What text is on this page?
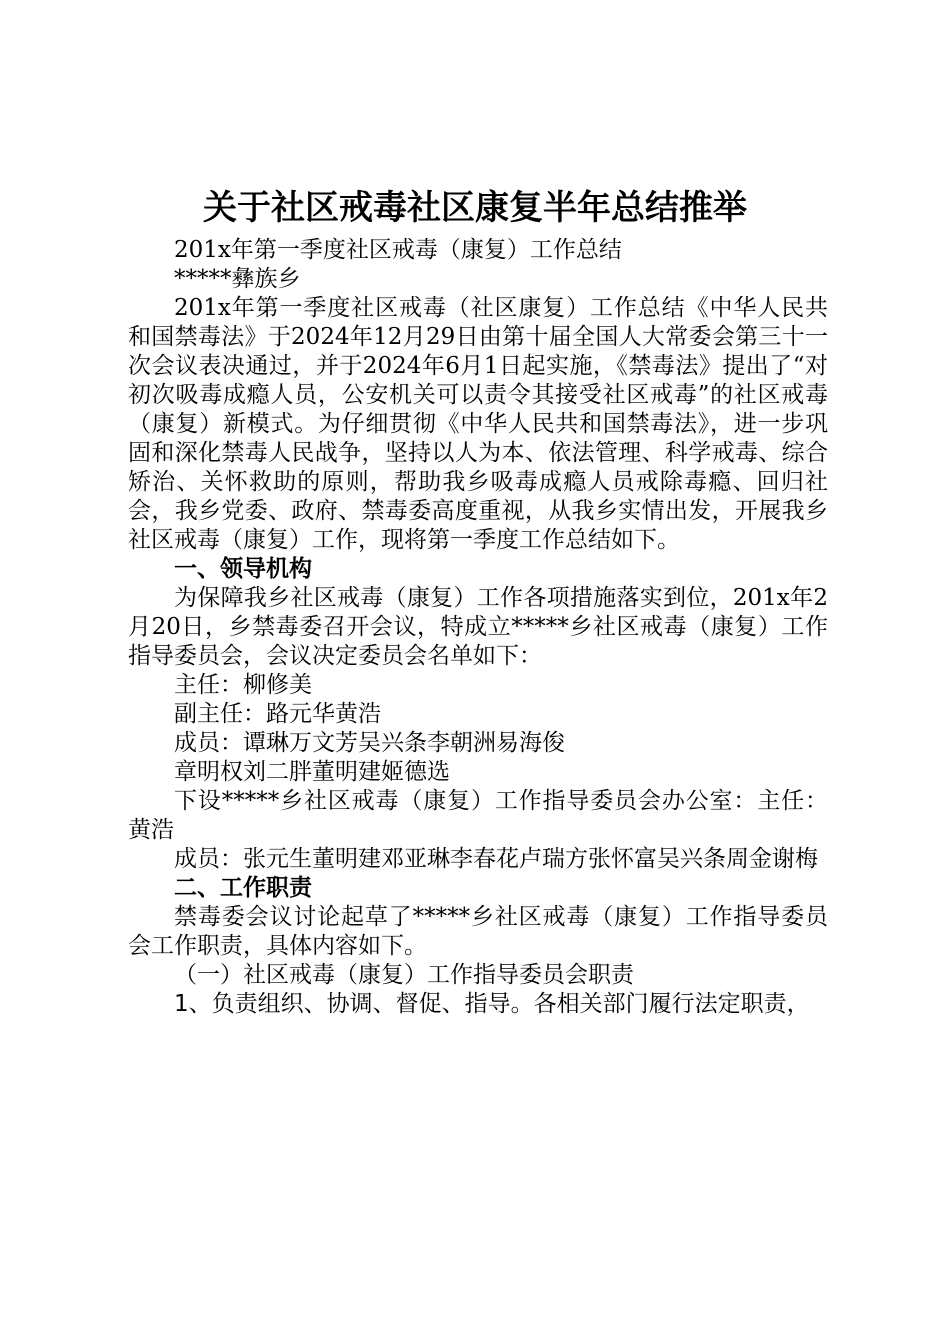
关于社区戒毒社区康复半年总结推举

201x年第一季度社区戒毒（康复）工作总结

*****彝族乡

201x年第一季度社区戒毒（社区康复）工作总结《中华人民共和国禁毒法》于2024年12月29日由第十届全国人大常委会第三十一次会议表决通过，并于2024年6月1日起实施，《禁毒法》提出了“对初次吸毒成瘾人员，公安机关可以责令其接受社区戒毒”的社区戒毒（康复）新模式。为仔细贯彻《中华人民共和国禁毒法》，进一步巩固和深化禁毒人民战争，坚持以人为本、依法管理、科学戒毒、综合矫治、关怀救助的原则，帮助我乡吸毒成瘾人员戒除毒瘾、回归社会，我乡党委、政府、禁毒委高度重视，从我乡实情出发，开展我乡社区戒毒（康复）工作，现将第一季度工作总结如下。

一、领导机构

为保障我乡社区戒毒（康复）工作各项措施落实到位，201x年2月20日，乡禁毒委召开会议，特成立*****乡社区戒毒（康复）工作指导委员会，会议决定委员会名单如下：

主任：柳修美

副主任：路元华黄浩

成员：谭琳万文芳吴兴条李朝洲易海俊

章明权刘二胖董明建姬德选

下设*****乡社区戒毒（康复）工作指导委员会办公室：主任：黄浩

成员：张元生董明建邓亚琳李春花卢瑞方张怀富吴兴条周金谢梅

二、工作职责

禁毒委会议讨论起草了*****乡社区戒毒（康复）工作指导委员会工作职责，具体内容如下。

（一）社区戒毒（康复）工作指导委员会职责

1、负责组织、协调、督促、指导。各相关部门履行法定职责，
